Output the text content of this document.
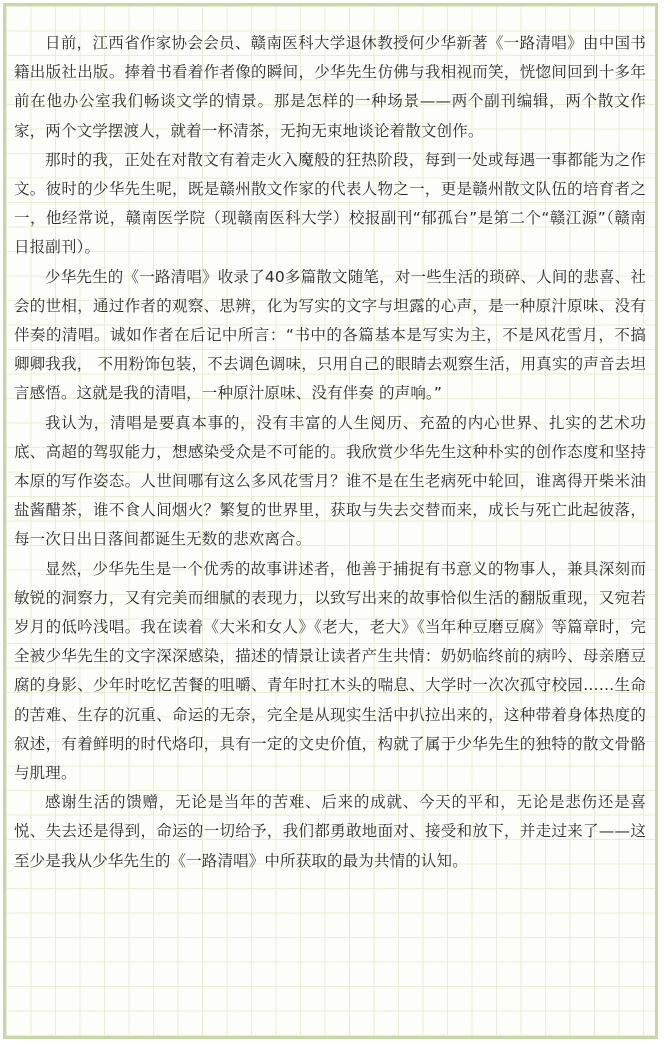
日前，江西省作家协会会员、赣南医科大学退休教授何少华新著《一路清唱》由中国书籍出版社出版。捧着书看着作者像的瞬间，少华先生仿佛与我相视而笑，恍惚间回到十多年前在他办公室我们畅谈文学的情景。那是怎样的一种场景——两个副刊编辑，两个散文作家，两个文学摆渡人，就着一杯清茶，无拘无束地谈论着散文创作。

那时的我，正处在对散文有着走火入魔般的狂热阶段，每到一处或每遇一事都能为之作文。彼时的少华先生呢，既是赣州散文作家的代表人物之一，更是赣州散文队伍的培育者之一，他经常说，赣南医学院（现赣南医科大学）校报副刊“郁孤台”是第二个“赣江源”（赣南日报副刊）。

少华先生的《一路清唱》收录了40多篇散文随笔，对一些生活的琐碎、人间的悲喜、社会的世相，通过作者的观察、思辨，化为写实的文字与坦露的心声，是一种原汁原味、没有伴奏的清唱。诚如作者在后记中所言：“书中的各篇基本是写实为主，不是风花雪月，不搞卿卿我我， 不用粉饰包装，不去调色调味，只用自己的眼睛去观察生活，用真实的声音去坦言感悟。这就是我的清唱，一种原汁原味、没有伴奏 的声响。”

我认为，清唱是要真本事的，没有丰富的人生阅历、充盈的内心世界、扎实的艺术功底、高超的驾驭能力，想感染受众是不可能的。我欣赏少华先生这种朴实的创作态度和坚持本原的写作姿态。人世间哪有这么多风花雪月？谁不是在生老病死中轮回，谁离得开柴米油盐酱醋茶，谁不食人间烟火？繁复的世界里，获取与失去交替而来，成长与死亡此起彼落，每一次日出日落间都诞生无数的悲欢离合。

显然，少华先生是一个优秀的故事讲述者，他善于捕捉有书意义的物事人，兼具深刻而敏锐的洞察力，又有完美而细腻的表现力，以致写出来的故事恰似生活的翻版重现，又宛若岁月的低吟浅唱。我在读着《大米和女人》《老大，老大》《当年种豆磨豆腐》等篇章时，完全被少华先生的文字深深感染，描述的情景让读者产生共情：奶奶临终前的病吟、母亲磨豆腐的身影、少年时吃忆苦餐的咀嚼、青年时扛木头的喘息、大学时一次次孤守校园……生命的苦难、生存的沉重、命运的无奈，完全是从现实生活中扒拉出来的，这种带着身体热度的叙述，有着鲜明的时代烙印，具有一定的文史价值，构就了属于少华先生的独特的散文骨骼与肌理。

感谢生活的馈赠，无论是当年的苦难、后来的成就、今天的平和，无论是悲伤还是喜悦、失去还是得到，命运的一切给予，我们都勇敢地面对、接受和放下，并走过来了——这至少是我从少华先生的《一路清唱》中所获取的最为共情的认知。
